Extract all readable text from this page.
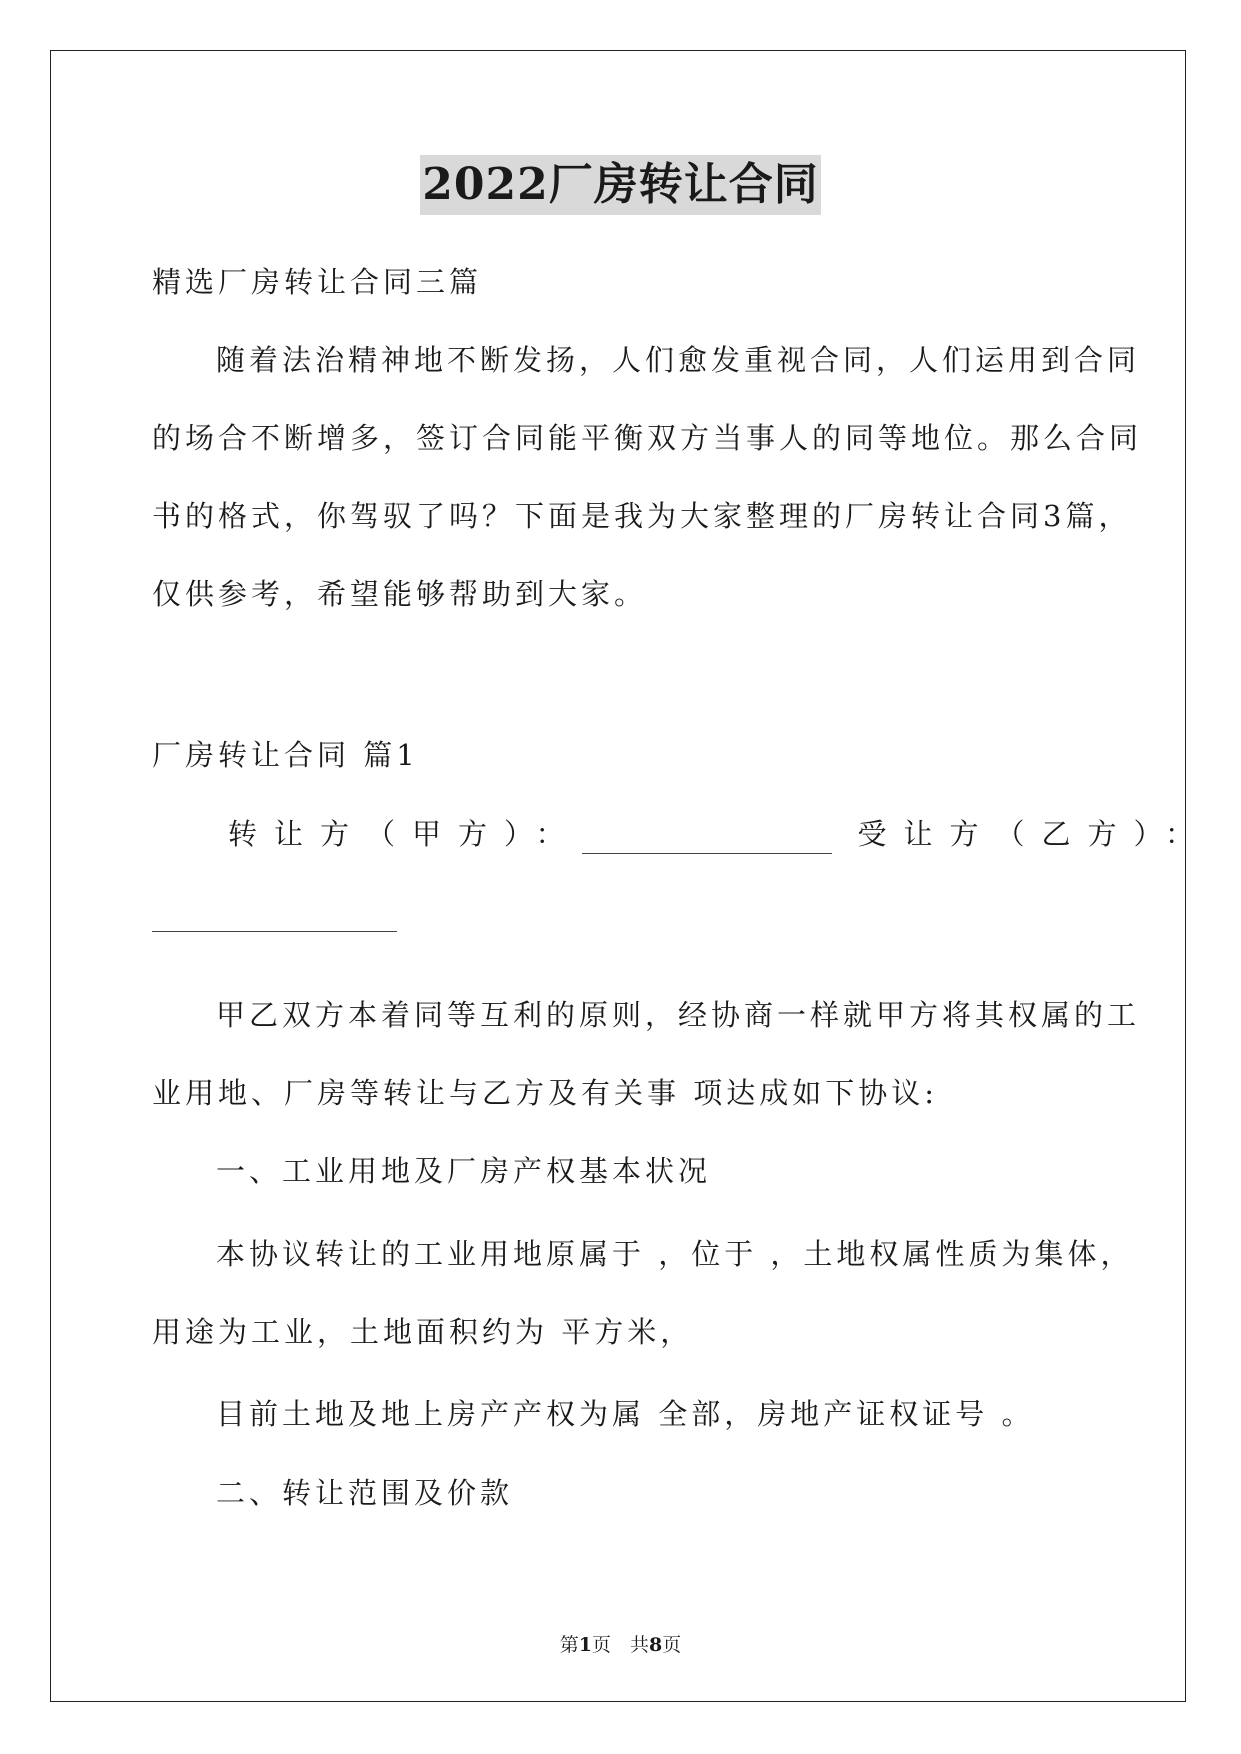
2022厂房转让合同
精选厂房转让合同三篇
随着法治精神地不断发扬，人们愈发重视合同，人们运用到合同
的场合不断增多，签订合同能平衡双方当事人的同等地位。那么合同
书的格式，你驾驭了吗？下面是我为大家整理的厂房转让合同3篇，
仅供参考，希望能够帮助到大家。
厂房转让合同 篇1
转让方（甲方）：	受让方（乙方）：
甲乙双方本着同等互利的原则，经协商一样就甲方将其权属的工
业用地、厂房等转让与乙方及有关事 项达成如下协议:
一、工业用地及厂房产权基本状况
本协议转让的工业用地原属于 ，位于 ，土地权属性质为集体，
用途为工业，土地面积约为 平方米，
目前土地及地上房产产权为属 全部，房地产证权证号 。
二、转让范围及价款
第1页　共8页
